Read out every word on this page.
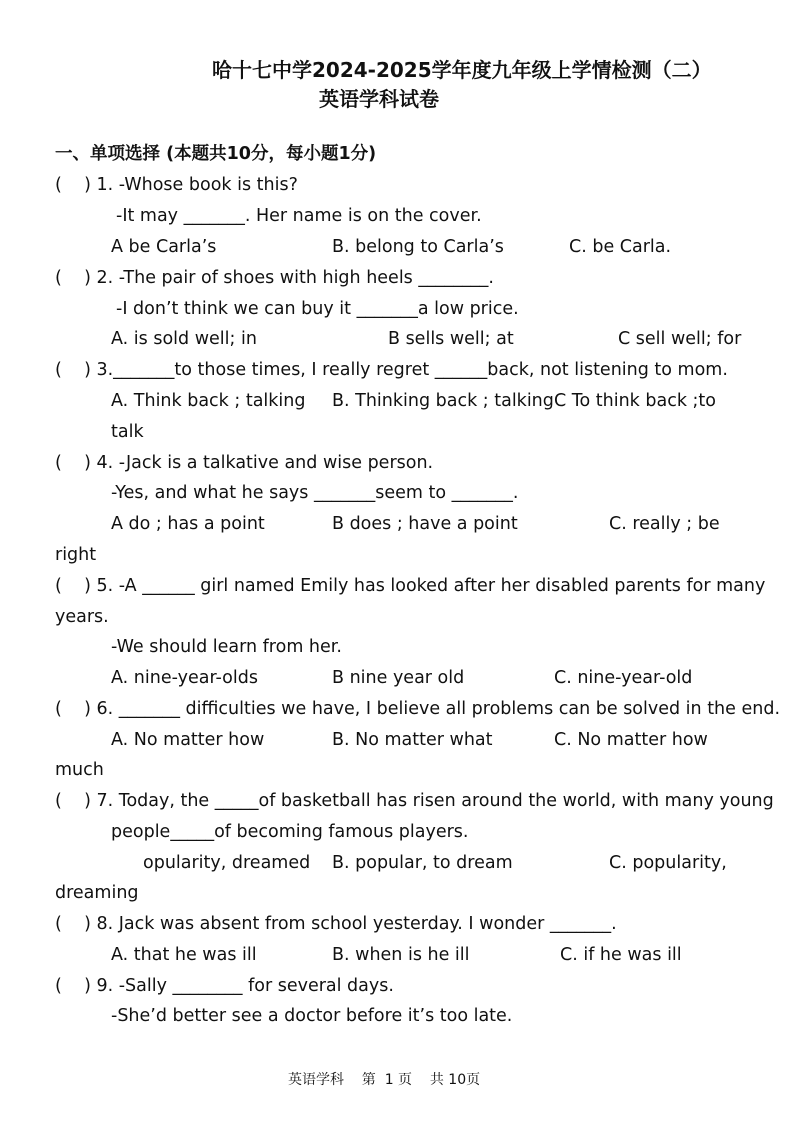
哈十七中学2024-2025学年度九年级上学情检测（二）
英语学科试卷
一、单项选择 (本题共10分，每小题1分)
(    ) 1. -Whose book is this?
-It may _______. Her name is on the cover.
A be Carla’s	B. belong to Carla’s	C. be Carla.
(    ) 2. -The pair of shoes with high heels ________.
-I don’t think we can buy it _______a low price.
A. is sold well; in	B sells well; at	C sell well; for
(    ) 3._______to those times, I really regret ______back, not listening to mom.
A. Think back ; talking B. Thinking back ; talking C To think back ;to
talk
(    ) 4. -Jack is a talkative and wise person.
-Yes, and what he says _______seem to _______.
A do ; has a point	B does ; have a point	C. really ; be
right
(    ) 5. -A ______ girl named Emily has looked after her disabled parents for many
years.
-We should learn from her.
A. nine-year-olds	B nine year old	C. nine-year-old
(    ) 6. _______ difficulties we have, I believe all problems can be solved in the end.
A. No matter how	B. No matter what	C. No matter how
much
(    ) 7. Today, the _____of basketball has risen around the world, with many young
people_____of becoming famous players.
opularity, dreamed B. popular, to dream	C. popularity,
dreaming
(    ) 8. Jack was absent from school yesterday. I wonder _______.
A. that he was ill	B. when is he ill	C. if he was ill
(    ) 9. -Sally ________ for several days.
-She’d better see a doctor before it’s too late.
英语学科    第  1 页    共 10页
